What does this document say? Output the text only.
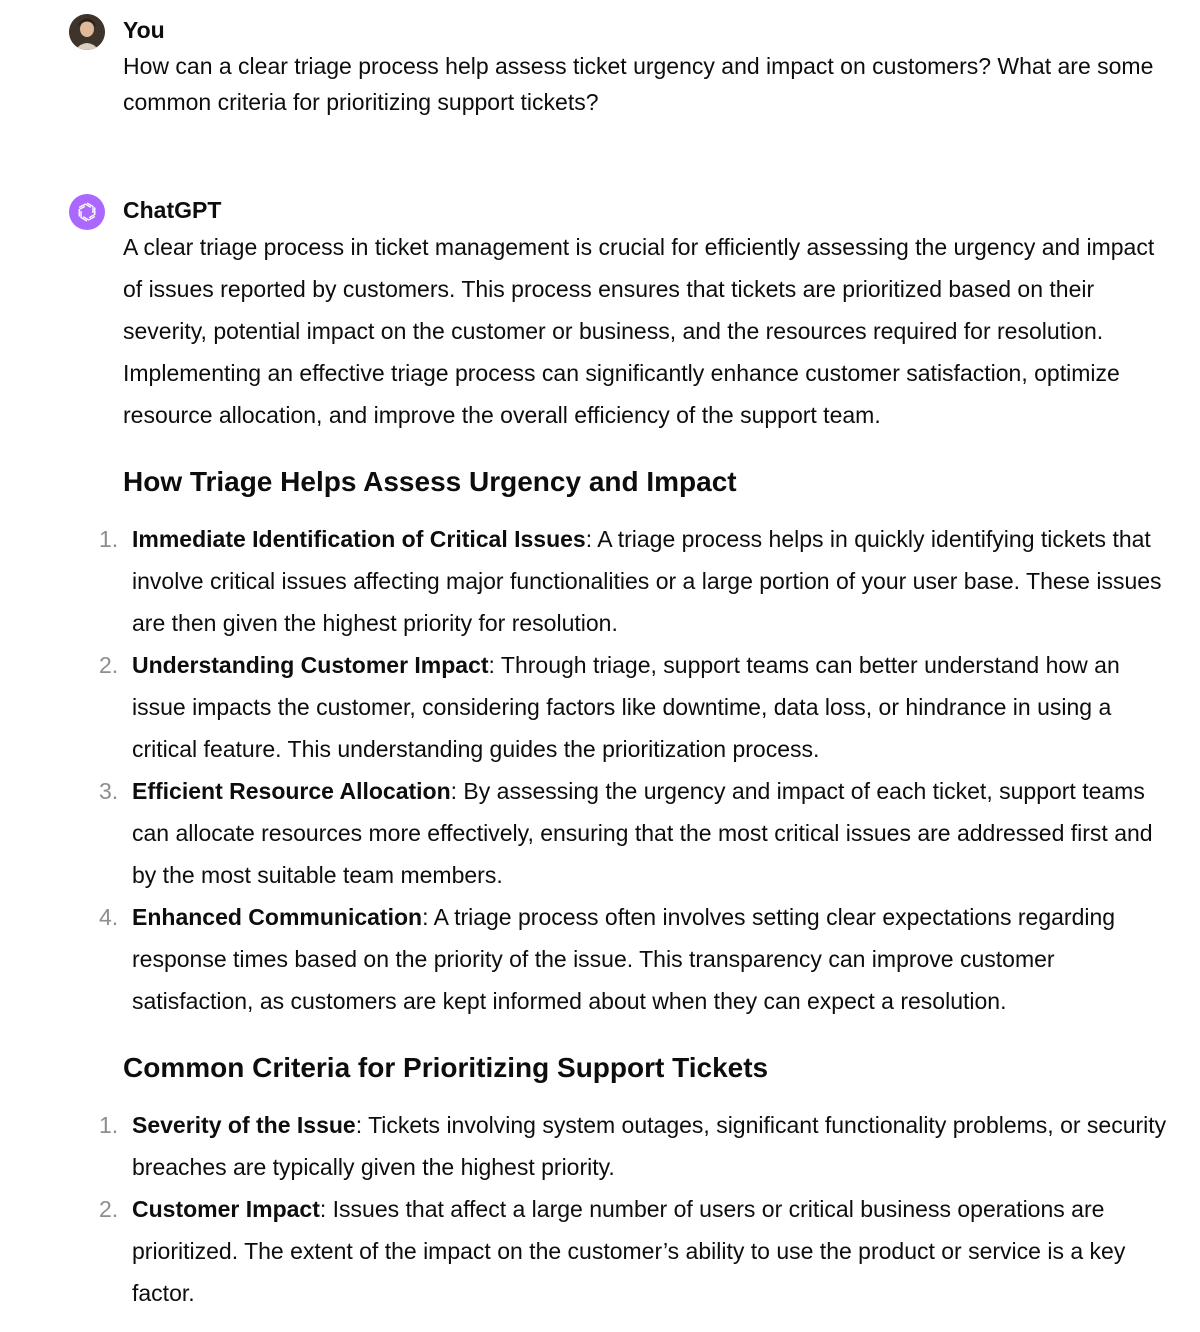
You

How can a clear triage process help assess ticket urgency and impact on customers? What are some common criteria for prioritizing support tickets?

ChatGPT

A clear triage process in ticket management is crucial for efficiently assessing the urgency and impact of issues reported by customers. This process ensures that tickets are prioritized based on their severity, potential impact on the customer or business, and the resources required for resolution. Implementing an effective triage process can significantly enhance customer satisfaction, optimize resource allocation, and improve the overall efficiency of the support team.

How Triage Helps Assess Urgency and Impact
1. Immediate Identification of Critical Issues: A triage process helps in quickly identifying tickets that involve critical issues affecting major functionalities or a large portion of your user base. These issues are then given the highest priority for resolution.
2. Understanding Customer Impact: Through triage, support teams can better understand how an issue impacts the customer, considering factors like downtime, data loss, or hindrance in using a critical feature. This understanding guides the prioritization process.
3. Efficient Resource Allocation: By assessing the urgency and impact of each ticket, support teams can allocate resources more effectively, ensuring that the most critical issues are addressed first and by the most suitable team members.
4. Enhanced Communication: A triage process often involves setting clear expectations regarding response times based on the priority of the issue. This transparency can improve customer satisfaction, as customers are kept informed about when they can expect a resolution.
Common Criteria for Prioritizing Support Tickets
1. Severity of the Issue: Tickets involving system outages, significant functionality problems, or security breaches are typically given the highest priority.
2. Customer Impact: Issues that affect a large number of users or critical business operations are prioritized. The extent of the impact on the customer’s ability to use the product or service is a key factor.
